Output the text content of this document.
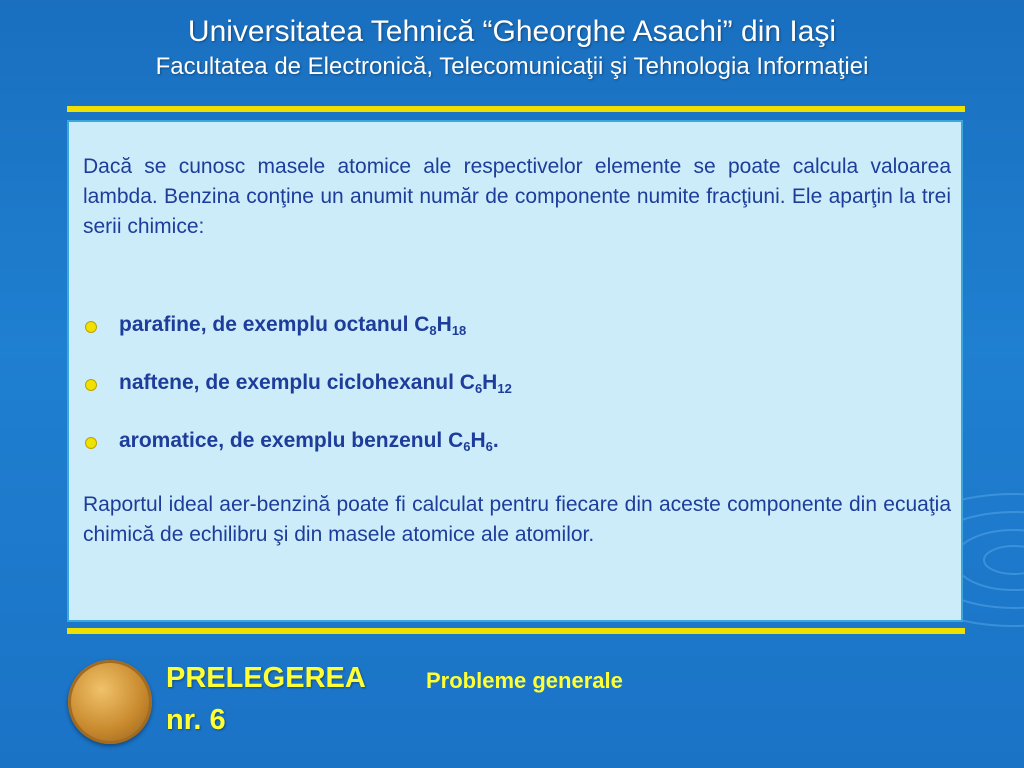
Universitatea Tehnică “Gheorghe Asachi” din Iaşi
Facultatea de Electronică, Telecomunicaţii şi Tehnologia Informaţiei
Dacă se cunosc masele atomice ale respectivelor elemente se poate calcula valoarea lambda. Benzina conţine un anumit număr de componente numite fracţiuni. Ele aparţin la trei serii chimice:
parafine, de exemplu octanul $C_8H_{18}$
naftene, de exemplu ciclohexanul $C_6H_{12}$
aromatice, de exemplu benzenul $C_6H_6$.
Raportul ideal aer-benzină poate fi calculat pentru fiecare din aceste componente din ecuaţia chimică de echilibru şi din masele atomice ale atomilor.
PRELEGEREA	Probleme generale
nr. 6
